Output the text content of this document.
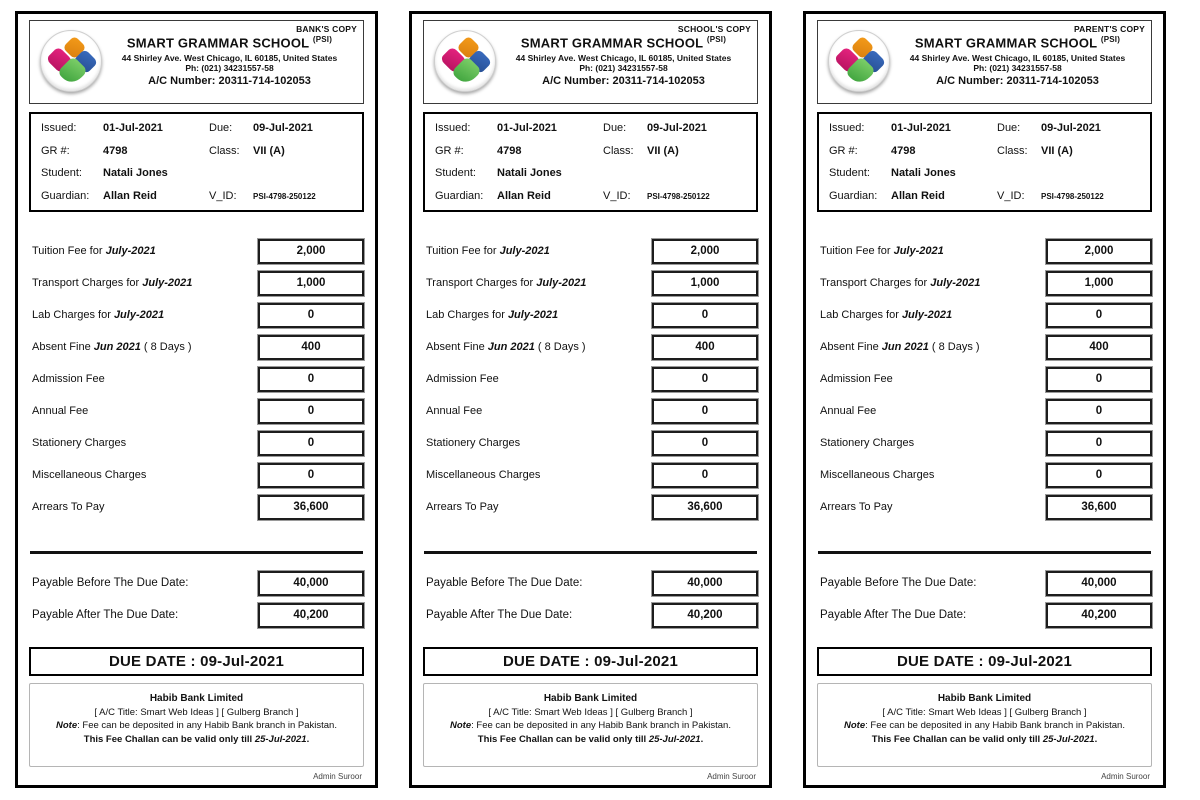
BANK'S COPY
SMART GRAMMAR SCHOOL $^{(PSI)}$
44 Shirley Ave. West Chicago, IL 60185, United States
Ph: (021) 34231557-58
A/C Number: 20311-714-102053
Issued:	01-Jul-2021	Due:	09-Jul-2021
GR #:	4798	Class:	VII (A)
Student:	Natali Jones
Guardian:	Allan Reid	V_ID:	PSI-4798-250122
Tuition Fee for July-2021	2,000
Transport Charges for July-2021	1,000
Lab Charges for July-2021	0
Absent Fine Jun 2021 ( 8 Days )	400
Admission Fee	0
Annual Fee	0
Stationery Charges	0
Miscellaneous Charges	0
Arrears To Pay	36,600
Payable Before The Due Date:	40,000
Payable After The Due Date:	40,200
DUE DATE : 09-Jul-2021
Habib Bank Limited
[ A/C Title: Smart Web Ideas ] [ Gulberg Branch ]
Note: Fee can be deposited in any Habib Bank branch in Pakistan.
This Fee Challan can be valid only till 25-Jul-2021.
Admin Suroor
SCHOOL'S COPY
SMART GRAMMAR SCHOOL $^{(PSI)}$
44 Shirley Ave. West Chicago, IL 60185, United States
Ph: (021) 34231557-58
A/C Number: 20311-714-102053
Issued:	01-Jul-2021	Due:	09-Jul-2021
GR #:	4798	Class:	VII (A)
Student:	Natali Jones
Guardian:	Allan Reid	V_ID:	PSI-4798-250122
Tuition Fee for July-2021	2,000
Transport Charges for July-2021	1,000
Lab Charges for July-2021	0
Absent Fine Jun 2021 ( 8 Days )	400
Admission Fee	0
Annual Fee	0
Stationery Charges	0
Miscellaneous Charges	0
Arrears To Pay	36,600
Payable Before The Due Date:	40,000
Payable After The Due Date:	40,200
DUE DATE : 09-Jul-2021
Habib Bank Limited
[ A/C Title: Smart Web Ideas ] [ Gulberg Branch ]
Note: Fee can be deposited in any Habib Bank branch in Pakistan.
This Fee Challan can be valid only till 25-Jul-2021.
Admin Suroor
PARENT'S COPY
SMART GRAMMAR SCHOOL $^{(PSI)}$
44 Shirley Ave. West Chicago, IL 60185, United States
Ph: (021) 34231557-58
A/C Number: 20311-714-102053
Issued:	01-Jul-2021	Due:	09-Jul-2021
GR #:	4798	Class:	VII (A)
Student:	Natali Jones
Guardian:	Allan Reid	V_ID:	PSI-4798-250122
Tuition Fee for July-2021	2,000
Transport Charges for July-2021	1,000
Lab Charges for July-2021	0
Absent Fine Jun 2021 ( 8 Days )	400
Admission Fee	0
Annual Fee	0
Stationery Charges	0
Miscellaneous Charges	0
Arrears To Pay	36,600
Payable Before The Due Date:	40,000
Payable After The Due Date:	40,200
DUE DATE : 09-Jul-2021
Habib Bank Limited
[ A/C Title: Smart Web Ideas ] [ Gulberg Branch ]
Note: Fee can be deposited in any Habib Bank branch in Pakistan.
This Fee Challan can be valid only till 25-Jul-2021.
Admin Suroor
